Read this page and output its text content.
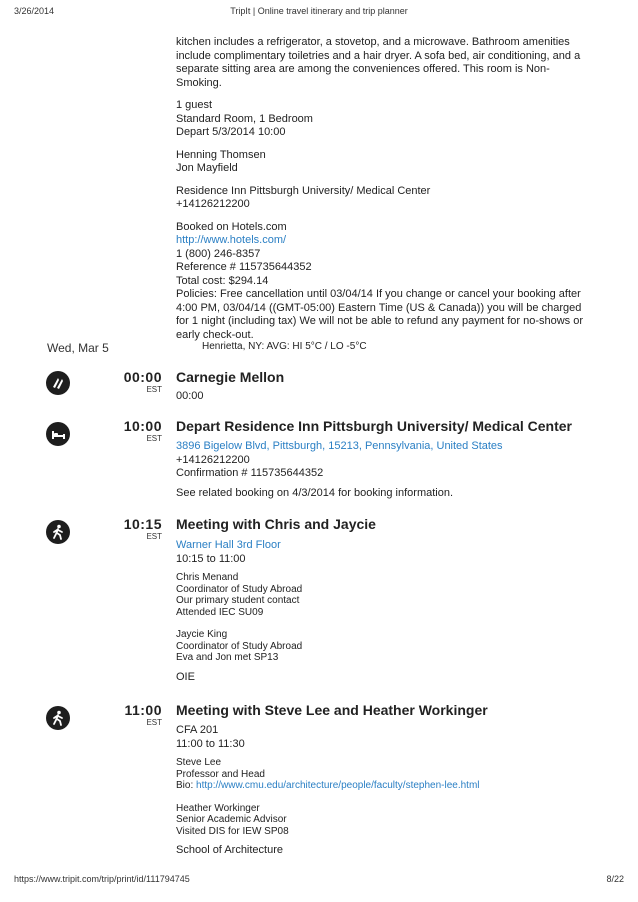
3/26/2014	TripIt | Online travel itinerary and trip planner

kitchen includes a refrigerator, a stovetop, and a microwave. Bathroom amenities

include complimentary toiletries and a hair dryer. A sofa bed, air conditioning, and a

separate sitting area are among the conveniences offered. This room is Non-Smoking.

1 guest

Standard Room, 1 Bedroom

Depart 5/3/2014 10:00

Henning Thomsen

Jon Mayfield

Residence Inn Pittsburgh University/ Medical Center

+14126212200

Booked on Hotels.com

http://www.hotels.com/

1 (800) 246-8357

Reference # 115735644352

Total cost: $294.14

Policies: Free cancellation until 03/04/14 If you change or cancel your booking after

4:00 PM, 03/04/14 ((GMT-05:00) Eastern Time (US & Canada)) you will be charged

for 1 night (including tax) We will not be able to refund any payment for no-shows or

early check-out.

Wed, Mar 5	Henrietta, NY: AVG: HI 5°C / LO -5°C
00:00
EST
Carnegie Mellon

00:00

10:00
EST
Depart Residence Inn Pittsburgh University/ Medical Center

3896 Bigelow Blvd, Pittsburgh, 15213, Pennsylvania, United States

+14126212200

Confirmation # 115735644352

See related booking on 4/3/2014 for booking information.

10:15
EST
Meeting with Chris and Jaycie

Warner Hall 3rd Floor

10:15 to 11:00

Chris Menand

Coordinator of Study Abroad

Our primary student contact

Attended IEC SU09

Jaycie King

Coordinator of Study Abroad

Eva and Jon met SP13

OIE

11:00
EST
Meeting with Steve Lee and Heather Workinger

CFA 201

11:00 to 11:30

Steve Lee

Professor and Head

Bio: http://www.cmu.edu/architecture/people/faculty/stephen-lee.html

Heather Workinger

Senior Academic Advisor

Visited DIS for IEW SP08

School of Architecture

https://www.tripit.com/trip/print/id/111794745	8/22
